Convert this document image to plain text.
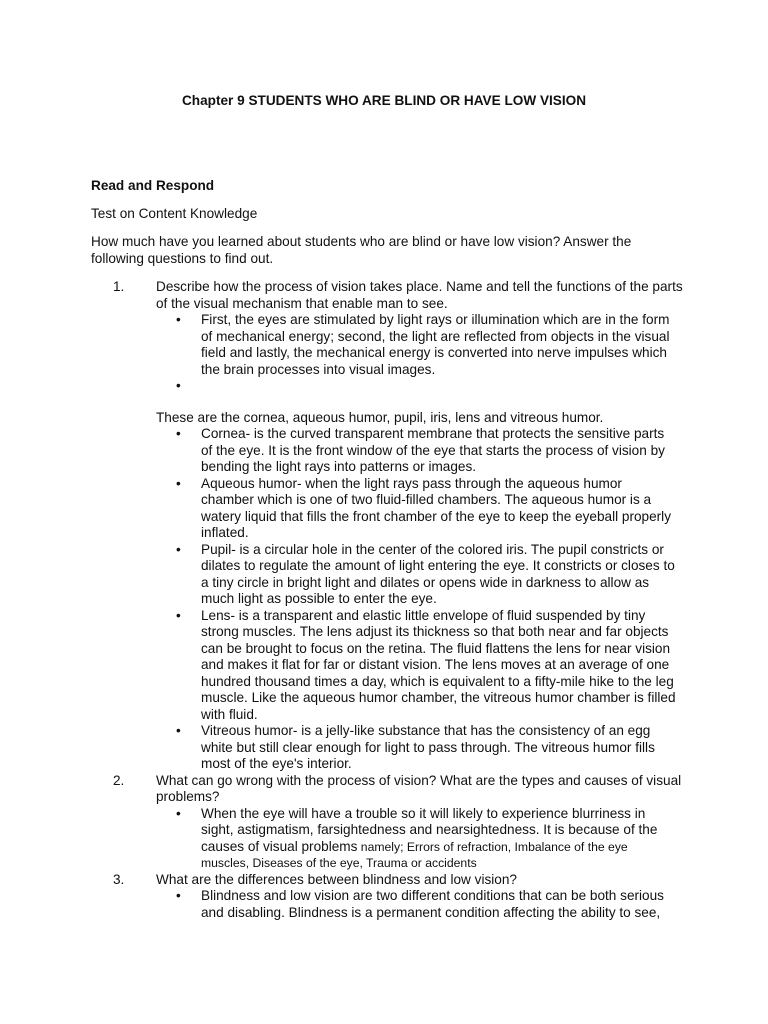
Chapter 9 STUDENTS WHO ARE BLIND OR HAVE LOW VISION
Read and Respond
Test on Content Knowledge
How much have you learned about students who are blind or have low vision? Answer the following questions to find out.
1. Describe how the process of vision takes place. Name and tell the functions of the parts of the visual mechanism that enable man to see.
• First, the eyes are stimulated by light rays or illumination which are in the form of mechanical energy; second, the light are reflected from objects in the visual field and lastly, the mechanical energy is converted into nerve impulses which the brain processes into visual images.
•
These are the cornea, aqueous humor, pupil, iris, lens and vitreous humor.
• Cornea- is the curved transparent membrane that protects the sensitive parts of the eye. It is the front window of the eye that starts the process of vision by bending the light rays into patterns or images.
• Aqueous humor- when the light rays pass through the aqueous humor chamber which is one of two fluid-filled chambers. The aqueous humor is a watery liquid that fills the front chamber of the eye to keep the eyeball properly inflated.
• Pupil- is a circular hole in the center of the colored iris. The pupil constricts or dilates to regulate the amount of light entering the eye. It constricts or closes to a tiny circle in bright light and dilates or opens wide in darkness to allow as much light as possible to enter the eye.
• Lens- is a transparent and elastic little envelope of fluid suspended by tiny strong muscles. The lens adjust its thickness so that both near and far objects can be brought to focus on the retina. The fluid flattens the lens for near vision and makes it flat for far or distant vision. The lens moves at an average of one hundred thousand times a day, which is equivalent to a fifty-mile hike to the leg muscle. Like the aqueous humor chamber, the vitreous humor chamber is filled with fluid.
• Vitreous humor- is a jelly-like substance that has the consistency of an egg white but still clear enough for light to pass through. The vitreous humor fills most of the eye's interior.
2. What can go wrong with the process of vision? What are the types and causes of visual problems?
• When the eye will have a trouble so it will likely to experience blurriness in sight, astigmatism, farsightedness and nearsightedness. It is because of the causes of visual problems namely; Errors of refraction, Imbalance of the eye muscles, Diseases of the eye, Trauma or accidents
3. What are the differences between blindness and low vision?
• Blindness and low vision are two different conditions that can be both serious and disabling. Blindness is a permanent condition affecting the ability to see,
